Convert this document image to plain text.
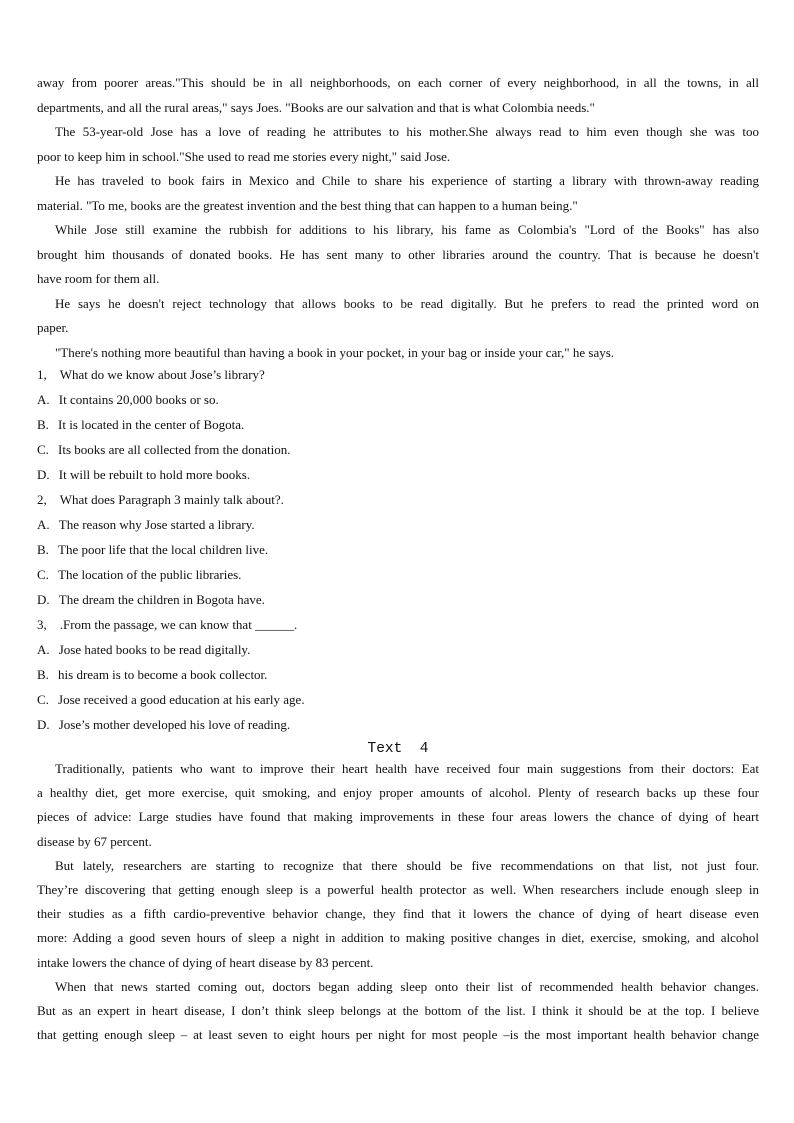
away from poorer areas."This should be in all neighborhoods, on each corner of every neighborhood, in all the towns, in all
departments, and all the rural areas," says Joes. "Books are our salvation and that is what Colombia needs."
The 53-year-old Jose has a love of reading he attributes to his mother.She always read to him even though she was too
poor to keep him in school."She used to read me stories every night," said Jose.
He has traveled to book fairs in Mexico and Chile to share his experience of starting a library with thrown-away reading
material. "To me, books are the greatest invention and the best thing that can happen to a human being."
While Jose still examine the rubbish for additions to his library, his fame as Colombia's "Lord of the Books" has also
brought him thousands of donated books. He has sent many to other libraries around the country. That is because he doesn't
have room for them all.
He says he doesn't reject technology that allows books to be read digitally. But he prefers to read the printed word on
paper.
"There's nothing more beautiful than having a book in your pocket, in your bag or inside your car," he says.
1,  What do we know about Jose’s library?
A.  It contains 20,000 books or so.
B.  It is located in the center of Bogota.
C.  Its books are all collected from the donation.
D.  It will be rebuilt to hold more books.
2,  What does Paragraph 3 mainly talk about?.
A.  The reason why Jose started a library.
B.  The poor life that the local children live.
C.  The location of the public libraries.
D.  The dream the children in Bogota have.
3,  .From the passage, we can know that ______.
A.  Jose hated books to be read digitally.
B.  his dream is to become a book collector.
C.  Jose received a good education at his early age.
D.  Jose’s mother developed his love of reading.
Text  4
Traditionally, patients who want to improve their heart health have received four main suggestions from their doctors: Eat
a healthy diet, get more exercise, quit smoking, and enjoy proper amounts of alcohol. Plenty of research backs up these four
pieces of advice: Large studies have found that making improvements in these four areas lowers the chance of dying of heart
disease by 67 percent.
But lately, researchers are starting to recognize that there should be five recommendations on that list, not just four.
They’re discovering that getting enough sleep is a powerful health protector as well. When researchers include enough sleep in
their studies as a fifth cardio-preventive behavior change, they find that it lowers the chance of dying of heart disease even
more: Adding a good seven hours of sleep a night in addition to making positive changes in diet, exercise, smoking, and alcohol
intake lowers the chance of dying of heart disease by 83 percent.
When that news started coming out, doctors began adding sleep onto their list of recommended health behavior changes.
But as an expert in heart disease, I don’t think sleep belongs at the bottom of the list. I think it should be at the top. I believe
that getting enough sleep – at least seven to eight hours per night for most people –is the most important health behavior change
